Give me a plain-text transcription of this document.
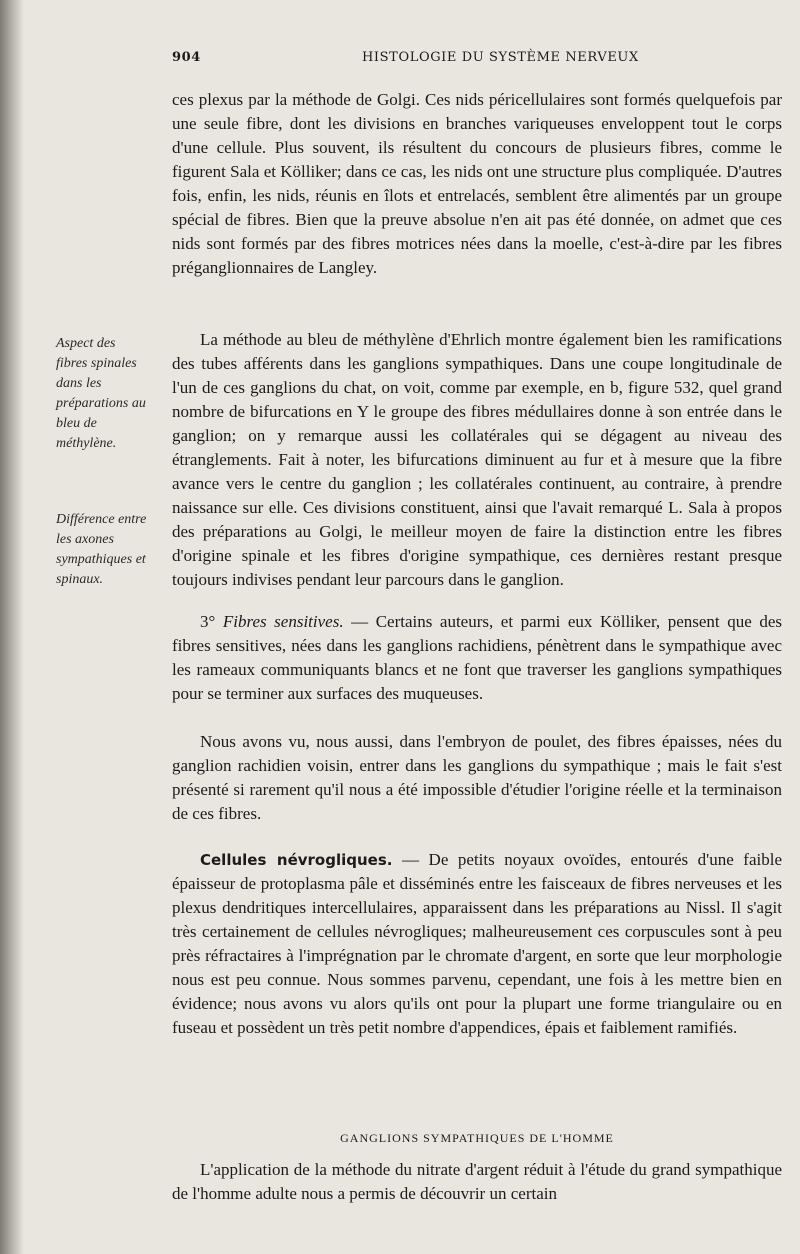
904	HISTOLOGIE DU SYSTÈME NERVEUX
Aspect des fibres spinales dans les préparations au bleu de méthylène.
Différence entre les axones sympathiques et spinaux.

ces plexus par la méthode de Golgi. Ces nids péricellulaires sont formés quelquefois par une seule fibre, dont les divisions en branches variqueuses enveloppent tout le corps d'une cellule. Plus souvent, ils résultent du concours de plusieurs fibres, comme le figurent Sala et Kölliker; dans ce cas, les nids ont une structure plus compliquée. D'autres fois, enfin, les nids, réunis en îlots et entrelacés, semblent être alimentés par un groupe spécial de fibres. Bien que la preuve absolue n'en ait pas été donnée, on admet que ces nids sont formés par des fibres motrices nées dans la moelle, c'est-à-dire par les fibres préganglionnaires de Langley.

La méthode au bleu de méthylène d'Ehrlich montre également bien les ramifications des tubes afférents dans les ganglions sympathiques. Dans une coupe longitudinale de l'un de ces ganglions du chat, on voit, comme par exemple, en b, figure 532, quel grand nombre de bifurcations en Y le groupe des fibres médullaires donne à son entrée dans le ganglion; on y remarque aussi les collatérales qui se dégagent au niveau des étranglements. Fait à noter, les bifurcations diminuent au fur et à mesure que la fibre avance vers le centre du ganglion ; les collatérales continuent, au contraire, à prendre naissance sur elle. Ces divisions constituent, ainsi que l'avait remarqué L. Sala à propos des préparations au Golgi, le meilleur moyen de faire la distinction entre les fibres d'origine spinale et les fibres d'origine sympathique, ces dernières restant presque toujours indivises pendant leur parcours dans le ganglion.

3° Fibres sensitives. — Certains auteurs, et parmi eux Kölliker, pensent que des fibres sensitives, nées dans les ganglions rachidiens, pénètrent dans le sympathique avec les rameaux communiquants blancs et ne font que traverser les ganglions sympathiques pour se terminer aux surfaces des muqueuses.

Nous avons vu, nous aussi, dans l'embryon de poulet, des fibres épaisses, nées du ganglion rachidien voisin, entrer dans les ganglions du sympathique ; mais le fait s'est présenté si rarement qu'il nous a été impossible d'étudier l'origine réelle et la terminaison de ces fibres.

Cellules névrogliques. — De petits noyaux ovoïdes, entourés d'une faible épaisseur de protoplasma pâle et disséminés entre les faisceaux de fibres nerveuses et les plexus dendritiques intercellulaires, apparaissent dans les préparations au Nissl. Il s'agit très certainement de cellules névrogliques; malheureusement ces corpuscules sont à peu près réfractaires à l'imprégnation par le chromate d'argent, en sorte que leur morphologie nous est peu connue. Nous sommes parvenu, cependant, une fois à les mettre bien en évidence; nous avons vu alors qu'ils ont pour la plupart une forme triangulaire ou en fuseau et possèdent un très petit nombre d'appendices, épais et faiblement ramifiés.

GANGLIONS SYMPATHIQUES DE L'HOMME

L'application de la méthode du nitrate d'argent réduit à l'étude du grand sympathique de l'homme adulte nous a permis de découvrir un certain
